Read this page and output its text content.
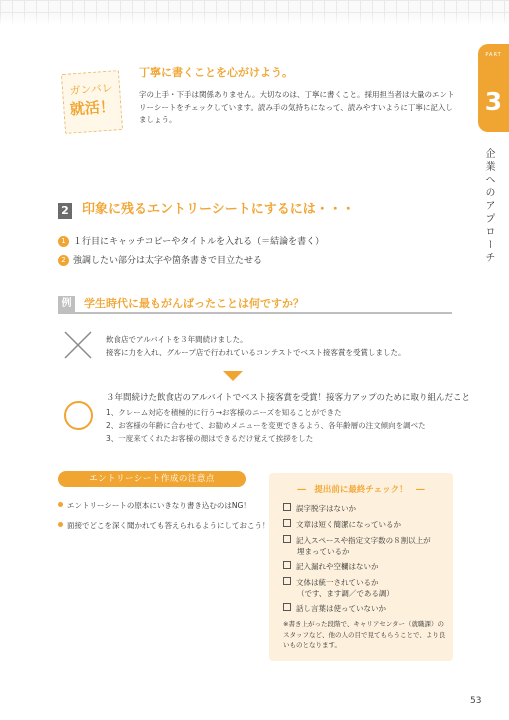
PART
3
企業へのアプローチ
ガンバレ
就活！
丁寧に書くことを心がけよう。
字の上手・下手は関係ありません。大切なのは、丁寧に書くこと。採用担当者は大量のエントリーシートをチェックしています。読み手の気持ちになって、読みやすいように丁寧に記入しましょう。
2 印象に残るエントリーシートにするには・・・
1 １行目にキャッチコピーやタイトルを入れる（＝結論を書く）
2 強調したい部分は太字や箇条書きで目立たせる
例	学生時代に最もがんばったことは何ですか？
飲食店でアルバイトを３年間続けました。
接客に力を入れ、グループ店で行われているコンテストでベスト接客賞を受賞しました。
３年間続けた飲食店のアルバイトでベスト接客賞を受賞！接客力アップのために取り組んだこと
1、クレーム対応を積極的に行う→お客様のニーズを知ることができた
2、お客様の年齢に合わせて、お勧めメニューを変更できるよう、各年齢層の注文傾向を調べた
3、一度来てくれたお客様の顔はできるだけ覚えて挨拶をした
エントリーシート作成の注意点
エントリーシートの原本にいきなり書き込むのはNG！
面接でどこを深く聞かれても答えられるようにしておこう！
―　提出前に最終チェック！　―
誤字脱字はないか
文章は短く簡潔になっているか
記入スペースや指定文字数の８割以上が
埋まっているか
記入漏れや空欄はないか
文体は統一されているか
（です、ます調／である調）
話し言葉は使っていないか
※書き上がった段階で、キャリアセンター（就職課）のスタッフなど、他の人の目で見てもらうことで、より良いものとなります。
53
